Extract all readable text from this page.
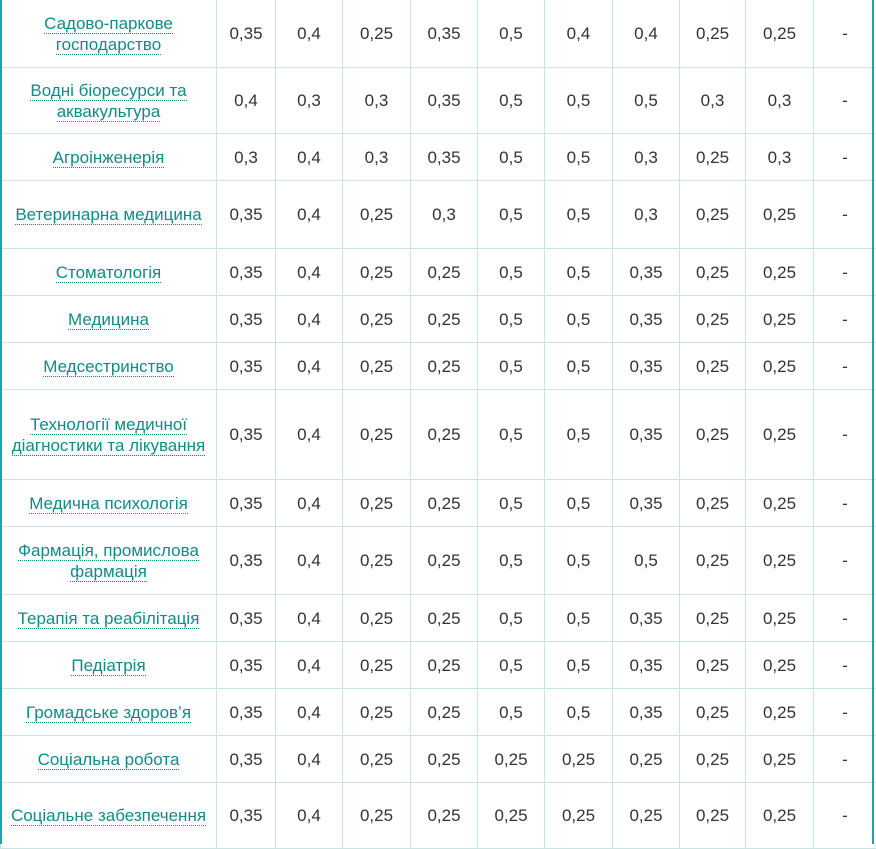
Садово-паркове господарство	0,35	0,4	0,25	0,35	0,5	0,4	0,4	0,25	0,25	-
Водні біоресурси та аквакультура	0,4	0,3	0,3	0,35	0,5	0,5	0,5	0,3	0,3	-
Агроінженерія	0,3	0,4	0,3	0,35	0,5	0,5	0,3	0,25	0,3	-
Ветеринарна медицина	0,35	0,4	0,25	0,3	0,5	0,5	0,3	0,25	0,25	-
Стоматологія	0,35	0,4	0,25	0,25	0,5	0,5	0,35	0,25	0,25	-
Медицина	0,35	0,4	0,25	0,25	0,5	0,5	0,35	0,25	0,25	-
Медсестринство	0,35	0,4	0,25	0,25	0,5	0,5	0,35	0,25	0,25	-
Технології медичної діагностики та лікування	0,35	0,4	0,25	0,25	0,5	0,5	0,35	0,25	0,25	-
Медична психологія	0,35	0,4	0,25	0,25	0,5	0,5	0,35	0,25	0,25	-
Фармація, промислова фармація	0,35	0,4	0,25	0,25	0,5	0,5	0,5	0,25	0,25	-
Терапія та реабілітація	0,35	0,4	0,25	0,25	0,5	0,5	0,35	0,25	0,25	-
Педіатрія	0,35	0,4	0,25	0,25	0,5	0,5	0,35	0,25	0,25	-
Громадське здоров’я	0,35	0,4	0,25	0,25	0,5	0,5	0,35	0,25	0,25	-
Соціальна робота	0,35	0,4	0,25	0,25	0,25	0,25	0,25	0,25	0,25	-
Соціальне забезпечення	0,35	0,4	0,25	0,25	0,25	0,25	0,25	0,25	0,25	-
